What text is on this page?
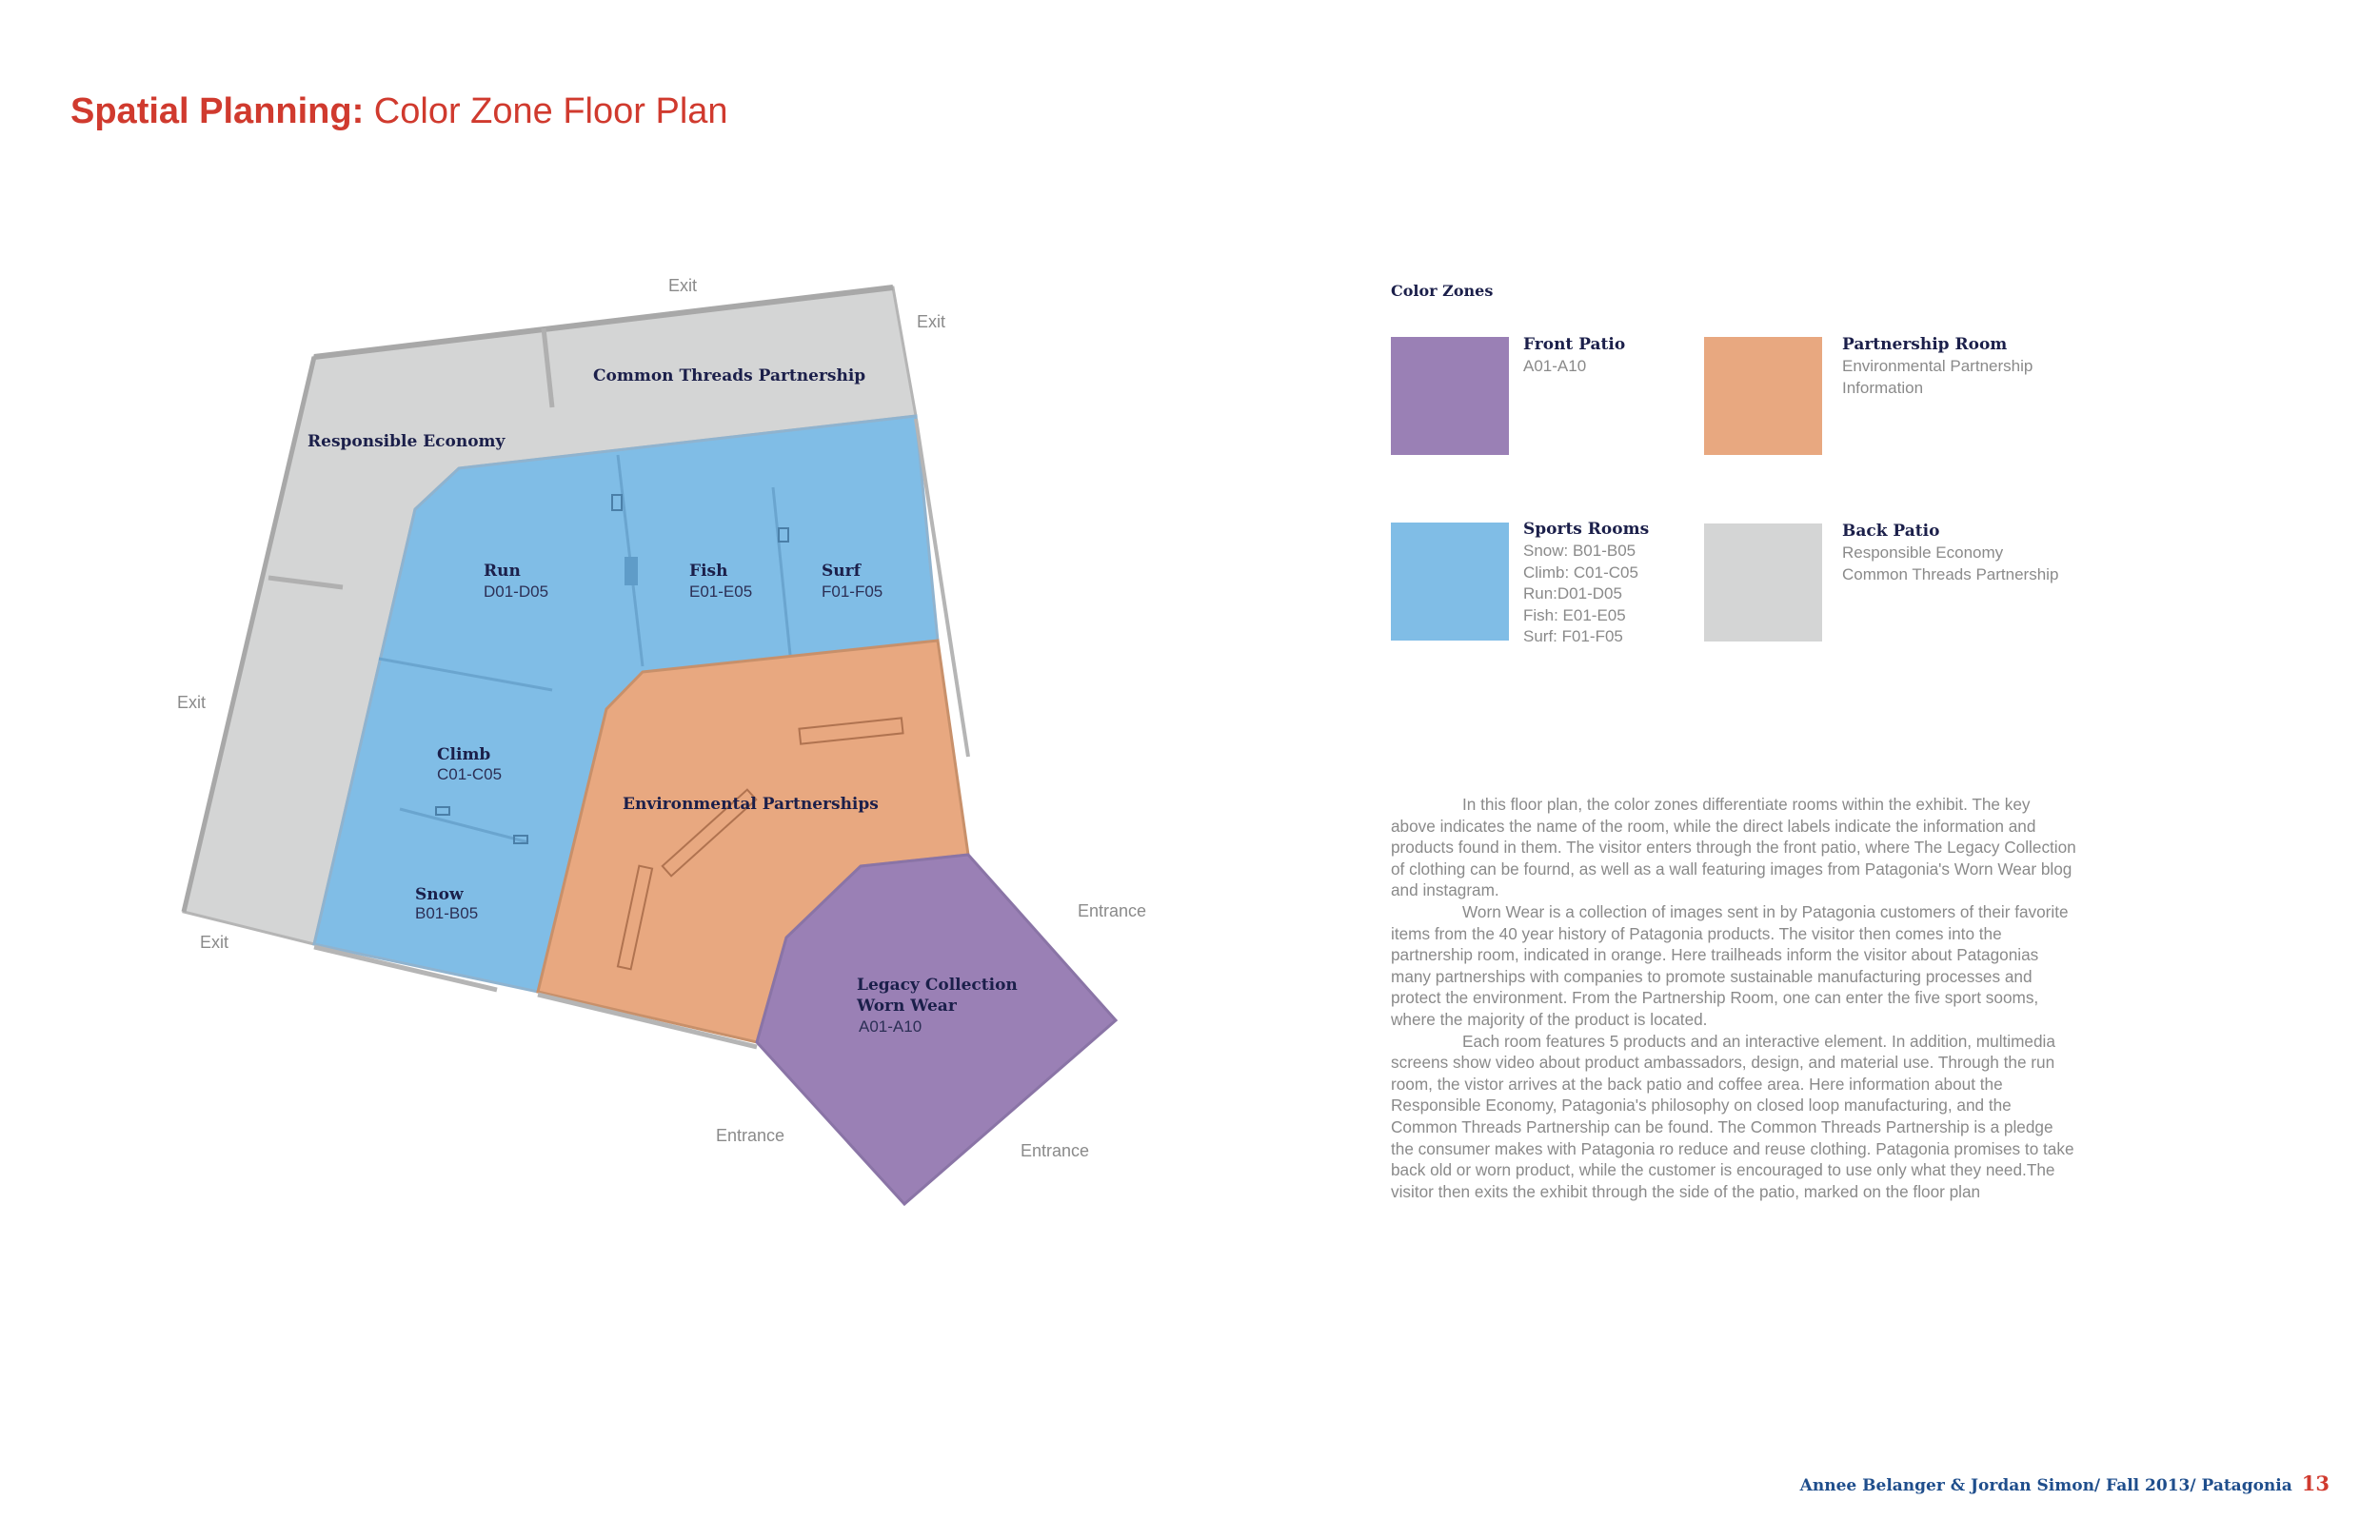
Spatial Planning: Color Zone Floor Plan
Common Threads Partnership
Responsible Economy
Run
D01-D05
Fish
E01-E05
Surf
F01-F05
Climb
C01-C05
Snow
B01-B05
Environmental Partnerships
Legacy Collection
Worn Wear
A01-A10
Exit
Exit
Exit
Exit
Entrance
Entrance
Entrance
Color Zones
Front Patio
A01-A10
Partnership Room
Environmental Partnership
Information
Sports Rooms
Snow: B01-B05
Climb: C01-C05
Run:D01-D05
Fish: E01-E05
Surf: F01-F05
Back Patio
Responsible Economy
Common Threads Partnership

In this floor plan, the color zones differentiate rooms within the exhibit. The key above indicates the name of the room, while the direct labels indicate the information and products found in them. The visitor enters through the front patio, where The Legacy Collection of clothing can be fournd, as well as a wall featuring images from Patagonia's Worn Wear blog and instagram.

Worn Wear is a collection of images sent in by Patagonia customers of their favorite items from the 40 year history of Patagonia products. The visitor then comes into the partnership room, indicated in orange. Here trailheads inform the visitor about Patagonias many partnerships with companies to promote sustainable manufacturing processes and protect the environment. From the Partnership Room, one can enter the five sport sooms, where the majority of the product is located.

Each room features 5 products and an interactive element. In addition, multimedia screens show video about product ambassadors, design, and material use. Through the run room, the vistor arrives at the back patio and coffee area. Here information about the Responsible Economy, Patagonia's philosophy on closed loop manufacturing, and the Common Threads Partnership can be found. The Common Threads Partnership is a pledge the consumer makes with Patagonia ro reduce and reuse clothing. Patagonia promises to take back old or worn product, while the customer is encouraged to use only what they need.The visitor then exits the exhibit through the side of the patio, marked on the floor plan

Annee Belanger & Jordan Simon/ Fall 2013/ Patagonia 13
